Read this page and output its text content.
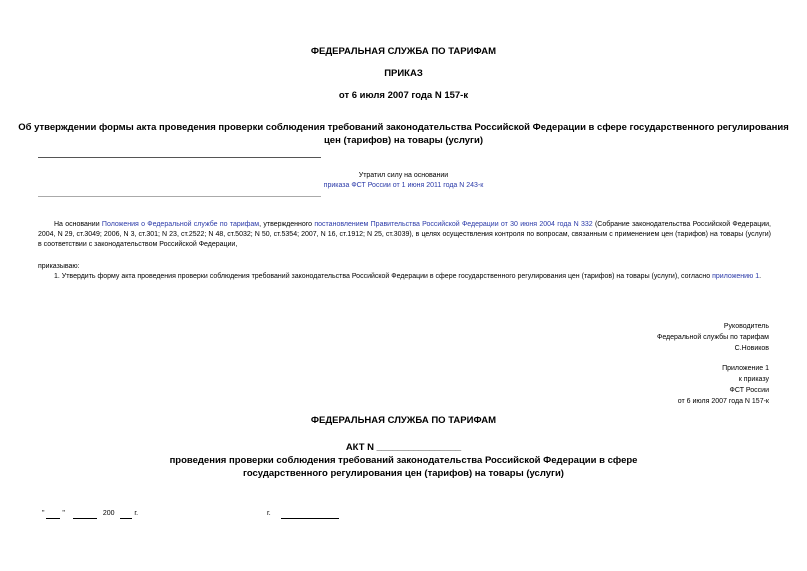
ФЕДЕРАЛЬНАЯ СЛУЖБА ПО ТАРИФАМ
ПРИКАЗ
от 6 июля 2007 года N 157-к
Об утверждении формы акта проведения проверки соблюдения требований законодательства Российской Федерации в сфере государственного регулирования
цен (тарифов) на товары (услуги)
Утратил силу на основании
приказа ФСТ России от 1 июня 2011 года N 243-к
На основании Положения о Федеральной службе по тарифам, утвержденного постановлением Правительства Российской Федерации от 30 июня 2004 года N 332 (Собрание законодательства Российской Федерации, 2004, N 29, ст.3049; 2006, N 3, ст.301; N 23, ст.2522; N 48, ст.5032; N 50, ст.5354; 2007, N 16, ст.1912; N 25, ст.3039), в целях осуществления контроля по вопросам, связанным с применением цен (тарифов) на товары (услуги) в соответствии с законодательством Российской Федерации,
приказываю:
1. Утвердить форму акта проведения проверки соблюдения требований законодательства Российской Федерации в сфере государственного регулирования цен (тарифов) на товары (услуги), согласно приложению 1.
Руководитель
Федеральной службы по тарифам
С.Новиков
Приложение 1
к приказу
ФСТ России
от 6 июля 2007 года N 157-к
ФЕДЕРАЛЬНАЯ СЛУЖБА ПО ТАРИФАМ
АКТ N ________________
проведения проверки соблюдения требований законодательства Российской Федерации в сфере
государственного регулирования цен (тарифов) на товары (услуги)
"	"	200	г.	г.
